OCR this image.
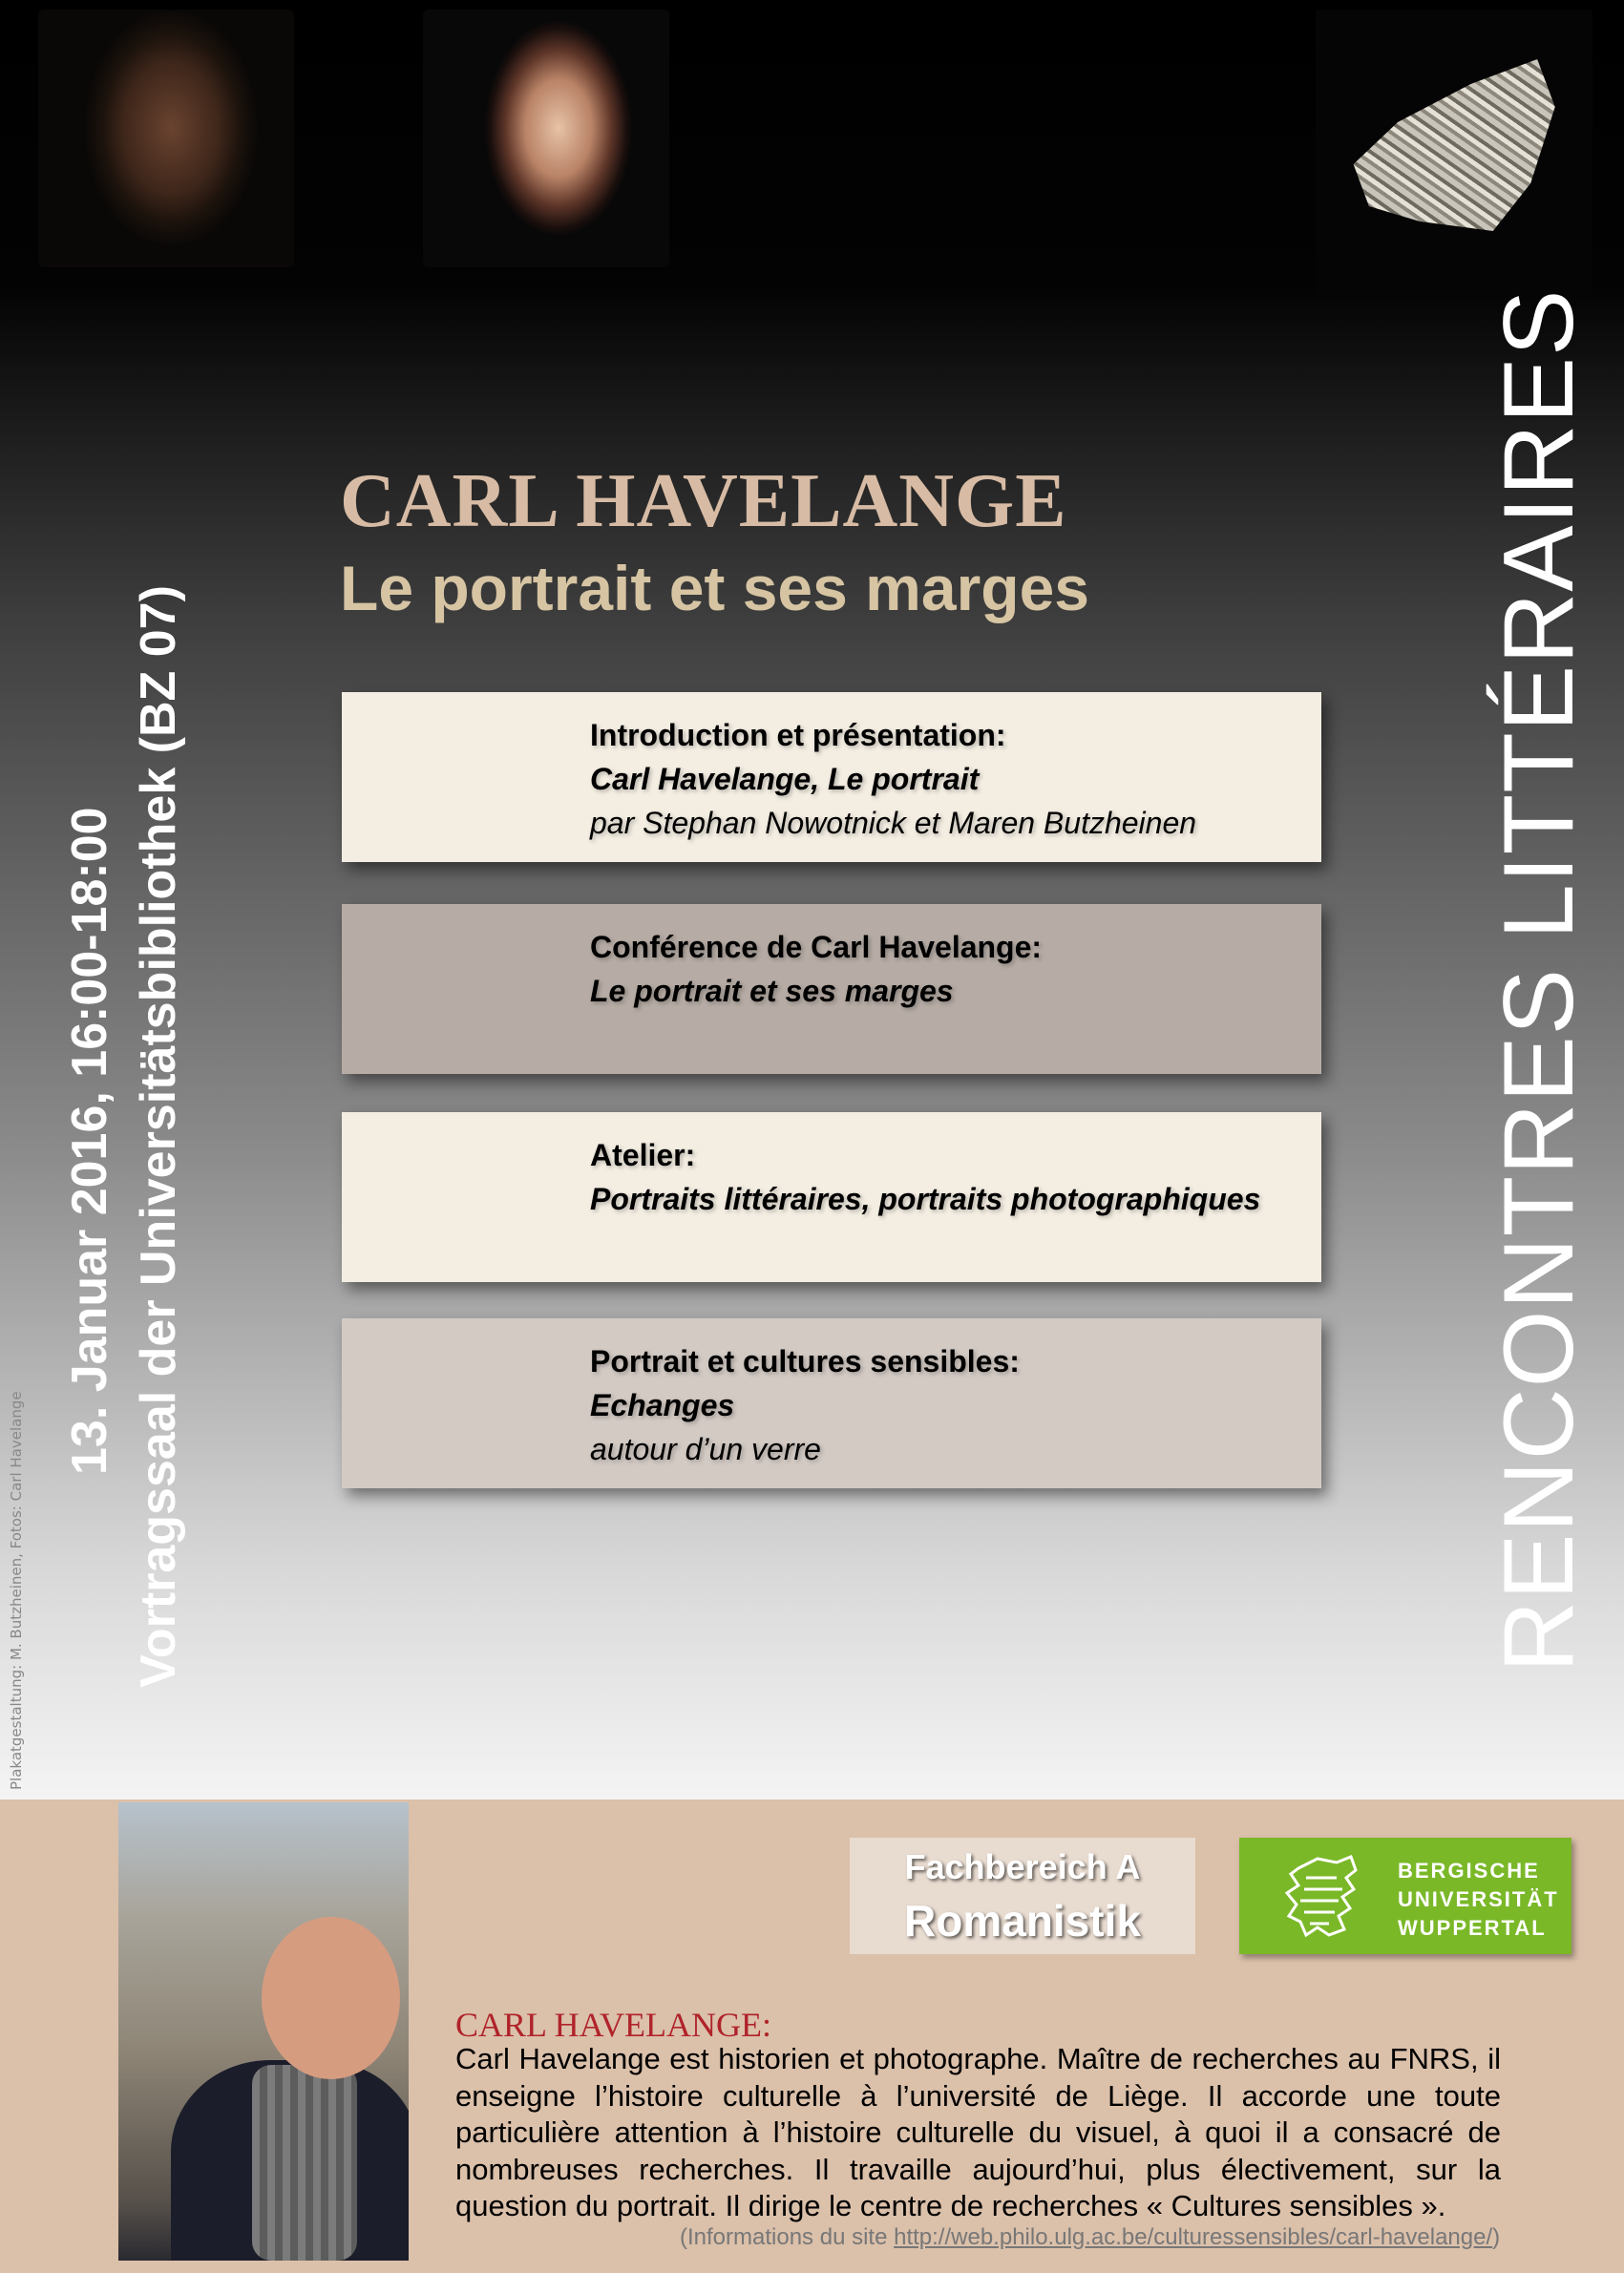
CARL HAVELANGE
Le portrait et ses marges
13. Januar 2016, 16:00-18:00 Vortragssaal der Universitätsbibliothek (BZ 07)
Plakatgestaltung: M. Butzheinen, Fotos: Carl Havelange	RENCONTRES LITTÉRAIRES
Introduction et présentation:
Carl Havelange, Le portrait
par Stephan Nowotnick et Maren Butzheinen
Conférence de Carl Havelange:
Le portrait et ses marges
Atelier:
Portraits littéraires, portraits photographiques
Portrait et cultures sensibles:
Echanges
autour d’un verre
Fachbereich A
Romanistik
BERGISCHE
UNIVERSITÄT
WUPPERTAL
CARL HAVELANGE:
Carl Havelange est historien et photographe. Maître de recherches au FNRS, il enseigne l’histoire culturelle à l’université de Liège. Il accorde une toute particulière attention à l’histoire culturelle du visuel, à quoi il a consacré de nombreuses recherches. Il travaille aujourd’hui, plus électivement, sur la question du portrait. Il dirige le centre de recherches « Cultures sensibles ».
(Informations du site http://web.philo.ulg.ac.be/culturessensibles/carl-havelange/)
